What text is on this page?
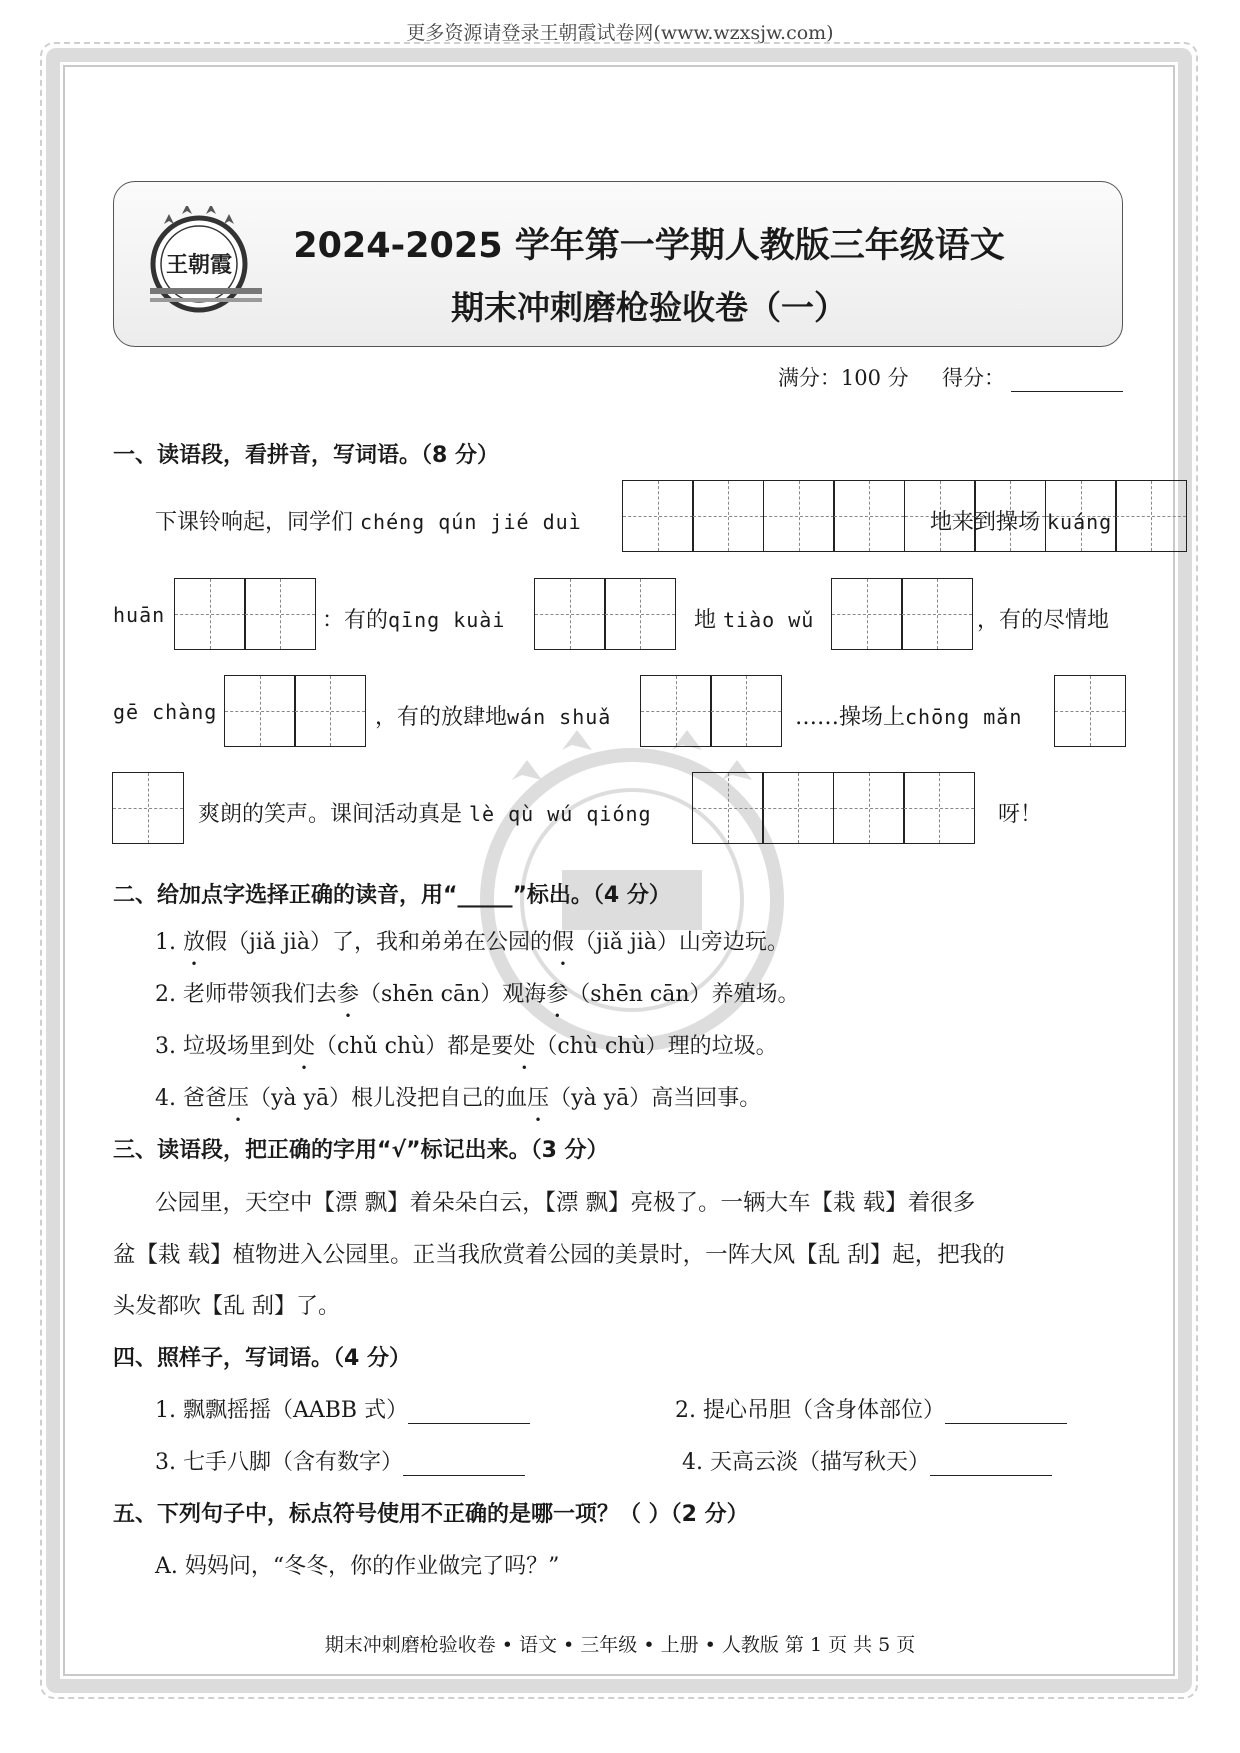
更多资源请登录王朝霞试卷网(www.wzxsjw.com)
王朝霞	2024-2025 学年第一学期人教版三年级语文
期末冲刺磨枪验收卷（一）
满分：100 分 得分：
一、读语段，看拼音，写词语。（8 分）
下课铃响起，同学们 chéng qún jié duì	地来到操场 kuáng
huān	：有的qīng kuài	地 tiào wǔ	，有的尽情地
gē chàng	，有的放肆地wán shuǎ	……操场上chōng mǎn
爽朗的笑声。课间活动真是 lè qù wú qióng	呀！
二、给加点字选择正确的读音，用“_____”标出。（4 分）
1. 放假（jiǎ jià）了，我和弟弟在公园的假（jiǎ jià）山旁边玩。
2. 老师带领我们去参（shēn cān）观海参（shēn cān）养殖场。
3. 垃圾场里到处（chǔ chù）都是要处（chù chù）理的垃圾。
4. 爸爸压（yà yā）根儿没把自己的血压（yà yā）高当回事。
三、读语段，把正确的字用“√”标记出来。（3 分）
公园里，天空中【漂 飘】着朵朵白云，【漂 飘】亮极了。一辆大车【栽 载】着很多
盆【栽 载】植物进入公园里。正当我欣赏着公园的美景时，一阵大风【乱 刮】起，把我的
头发都吹【乱 刮】了。
四、照样子，写词语。（4 分）
1. 飘飘摇摇（AABB 式）	2. 提心吊胆（含身体部位）
3. 七手八脚（含有数字）	4. 天高云淡（描写秋天）
五、下列句子中，标点符号使用不正确的是哪一项？（ ）（2 分）
A. 妈妈问，“冬冬，你的作业做完了吗？”
期末冲刺磨枪验收卷 • 语文 • 三年级 • 上册 • 人教版 第 1 页 共 5 页
